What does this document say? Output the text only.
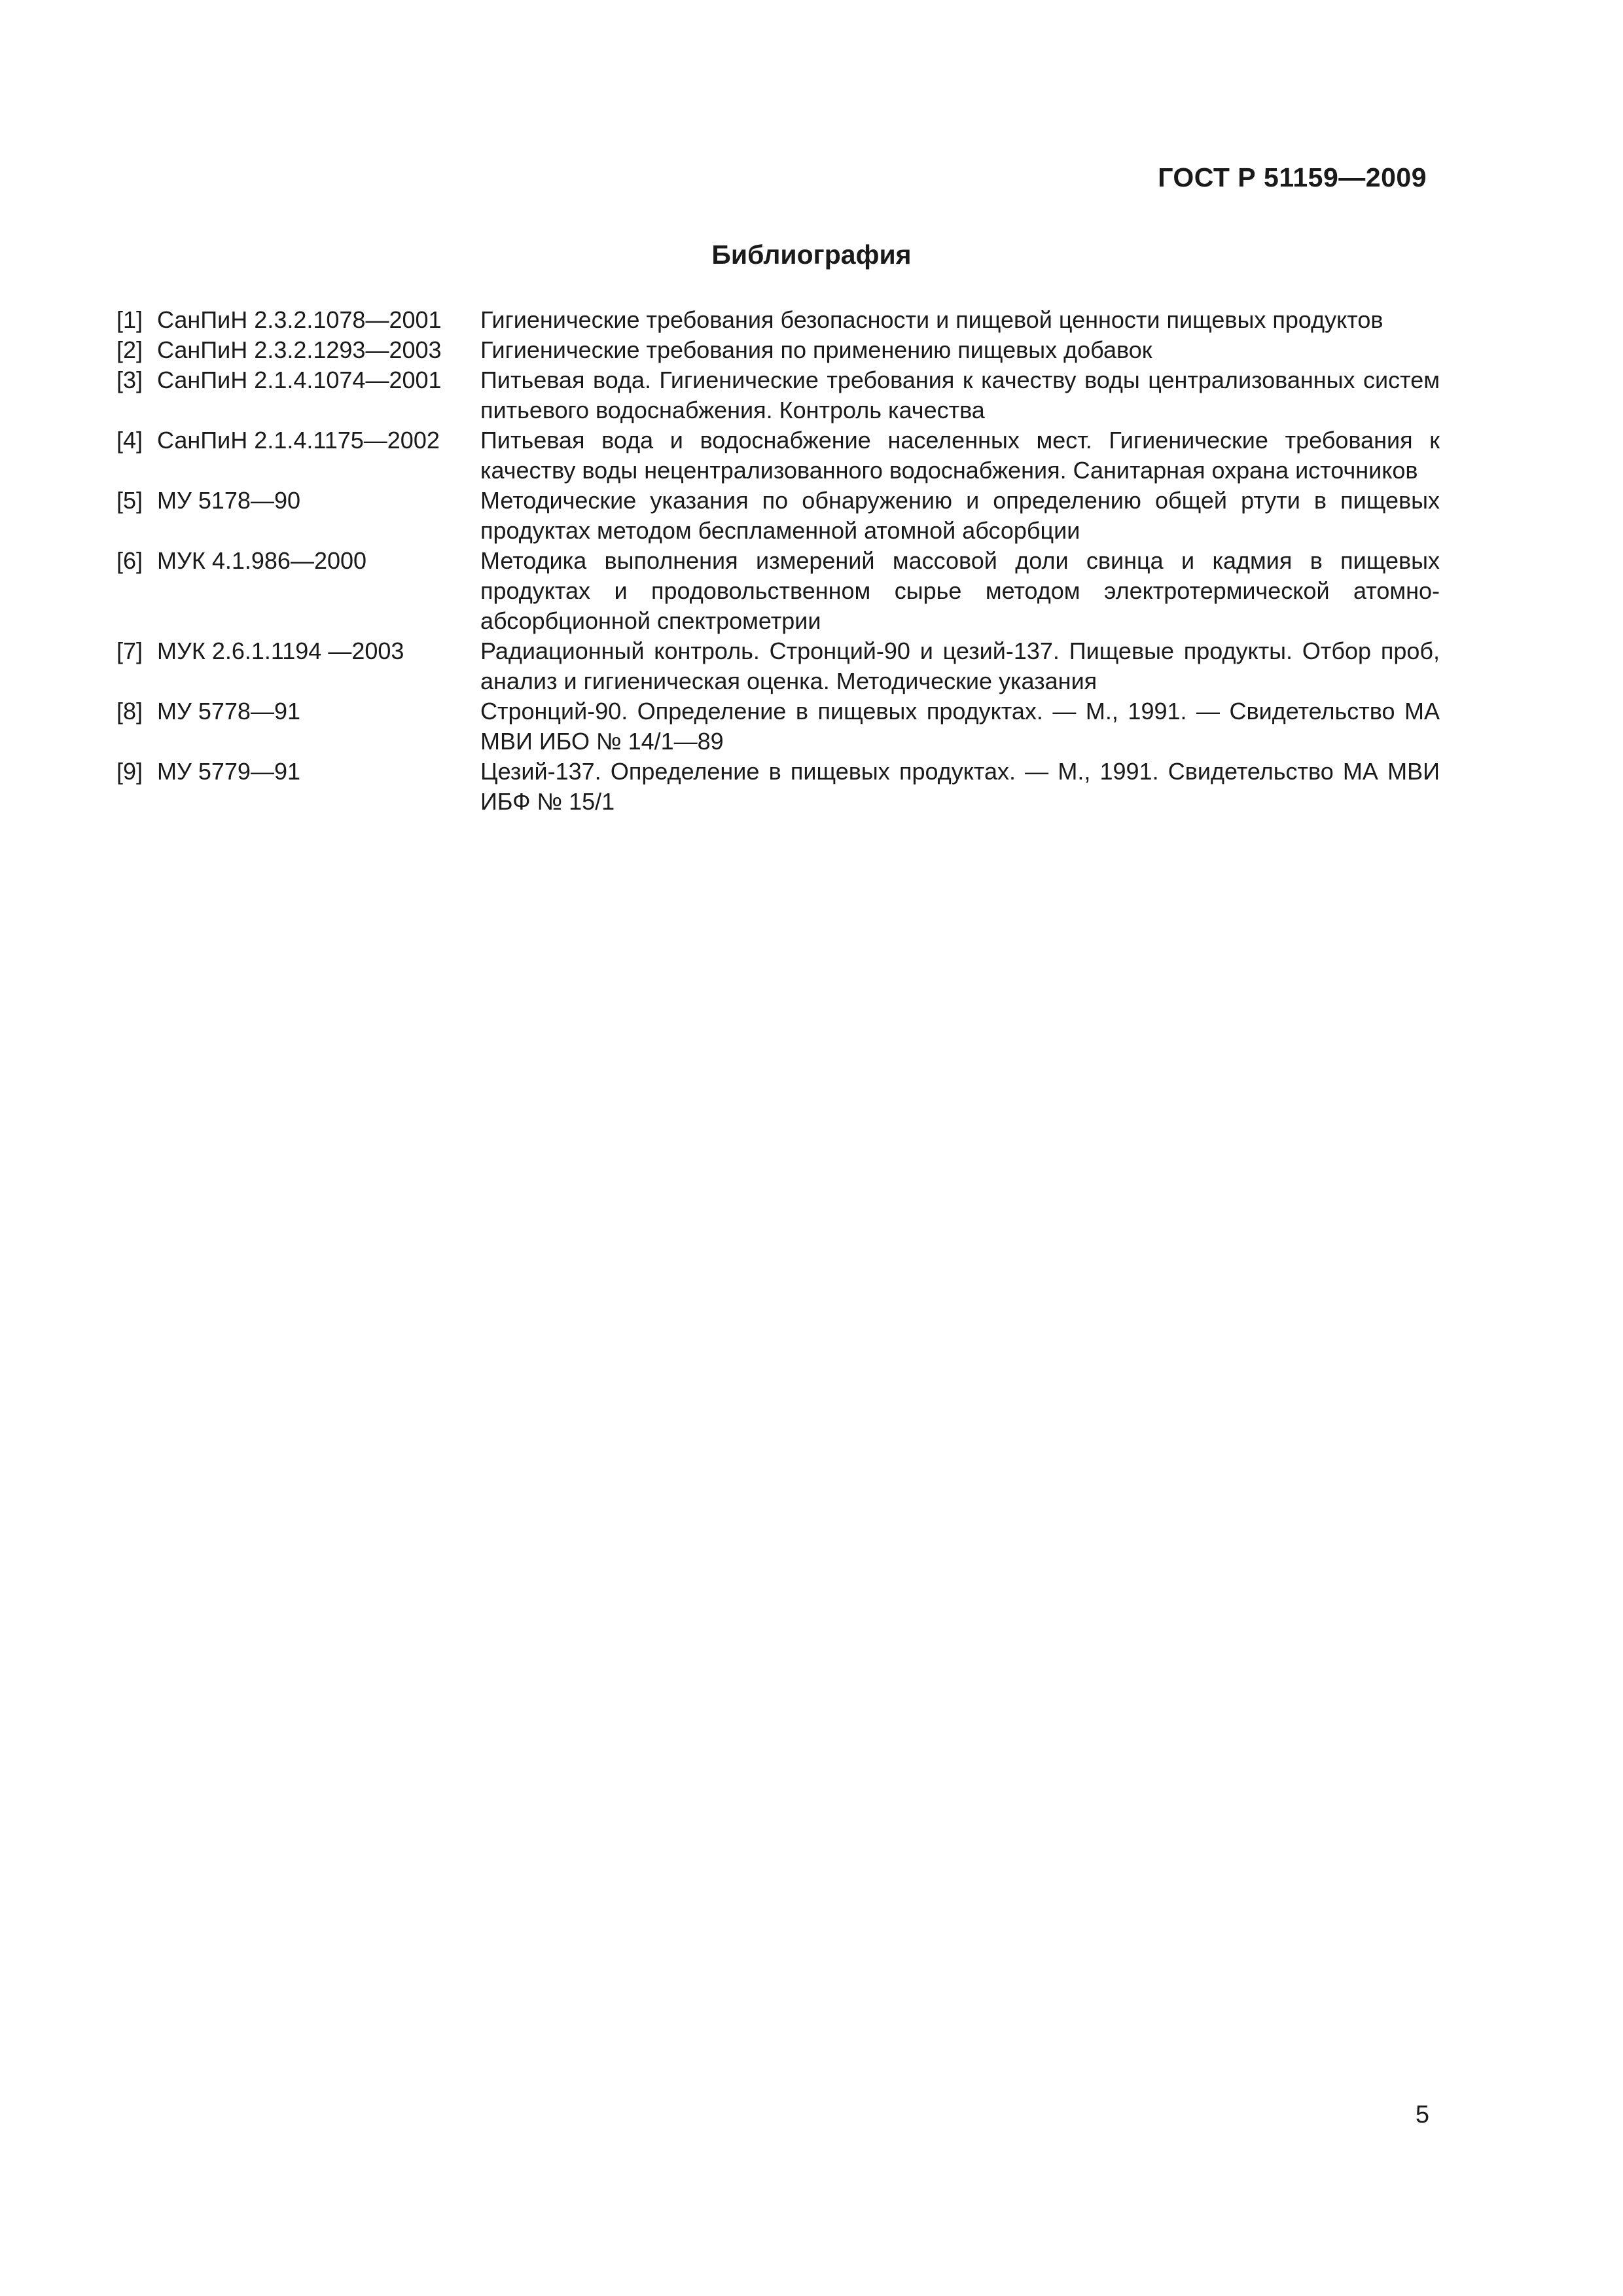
ГОСТ Р 51159—2009
Библиография
[1] СанПиН 2.3.2.1078—2001	Гигиенические требования безопасности и пищевой ценности пищевых продуктов
[2] СанПиН 2.3.2.1293—2003	Гигиенические требования по применению пищевых добавок
[3] СанПиН 2.1.4.1074—2001	Питьевая вода. Гигиенические требования к качеству воды централизованных систем питьевого водоснабжения. Контроль качества
[4] СанПиН 2.1.4.1175—2002	Питьевая вода и водоснабжение населенных мест. Гигиенические требования к качеству воды нецентрализованного водоснабжения. Санитарная охрана источников
[5] МУ 5178—90	Методические указания по обнаружению и определению общей ртути в пищевых продуктах методом беспламенной атомной абсорбции
[6] МУК 4.1.986—2000	Методика выполнения измерений массовой доли свинца и кадмия в пищевых продуктах и продовольственном сырье методом электротермической атомно-абсорбционной спектрометрии
[7] МУК 2.6.1.1194 —2003	Радиационный контроль. Стронций-90 и цезий-137. Пищевые продукты. Отбор проб, анализ и гигиеническая оценка. Методические указания
[8] МУ 5778—91	Стронций-90. Определение в пищевых продуктах. — М., 1991. — Свидетельство МА МВИ ИБО № 14/1—89
[9] МУ 5779—91	Цезий-137. Определение в пищевых продуктах. — М., 1991. Свидетельство МА МВИ ИБФ № 15/1
5
